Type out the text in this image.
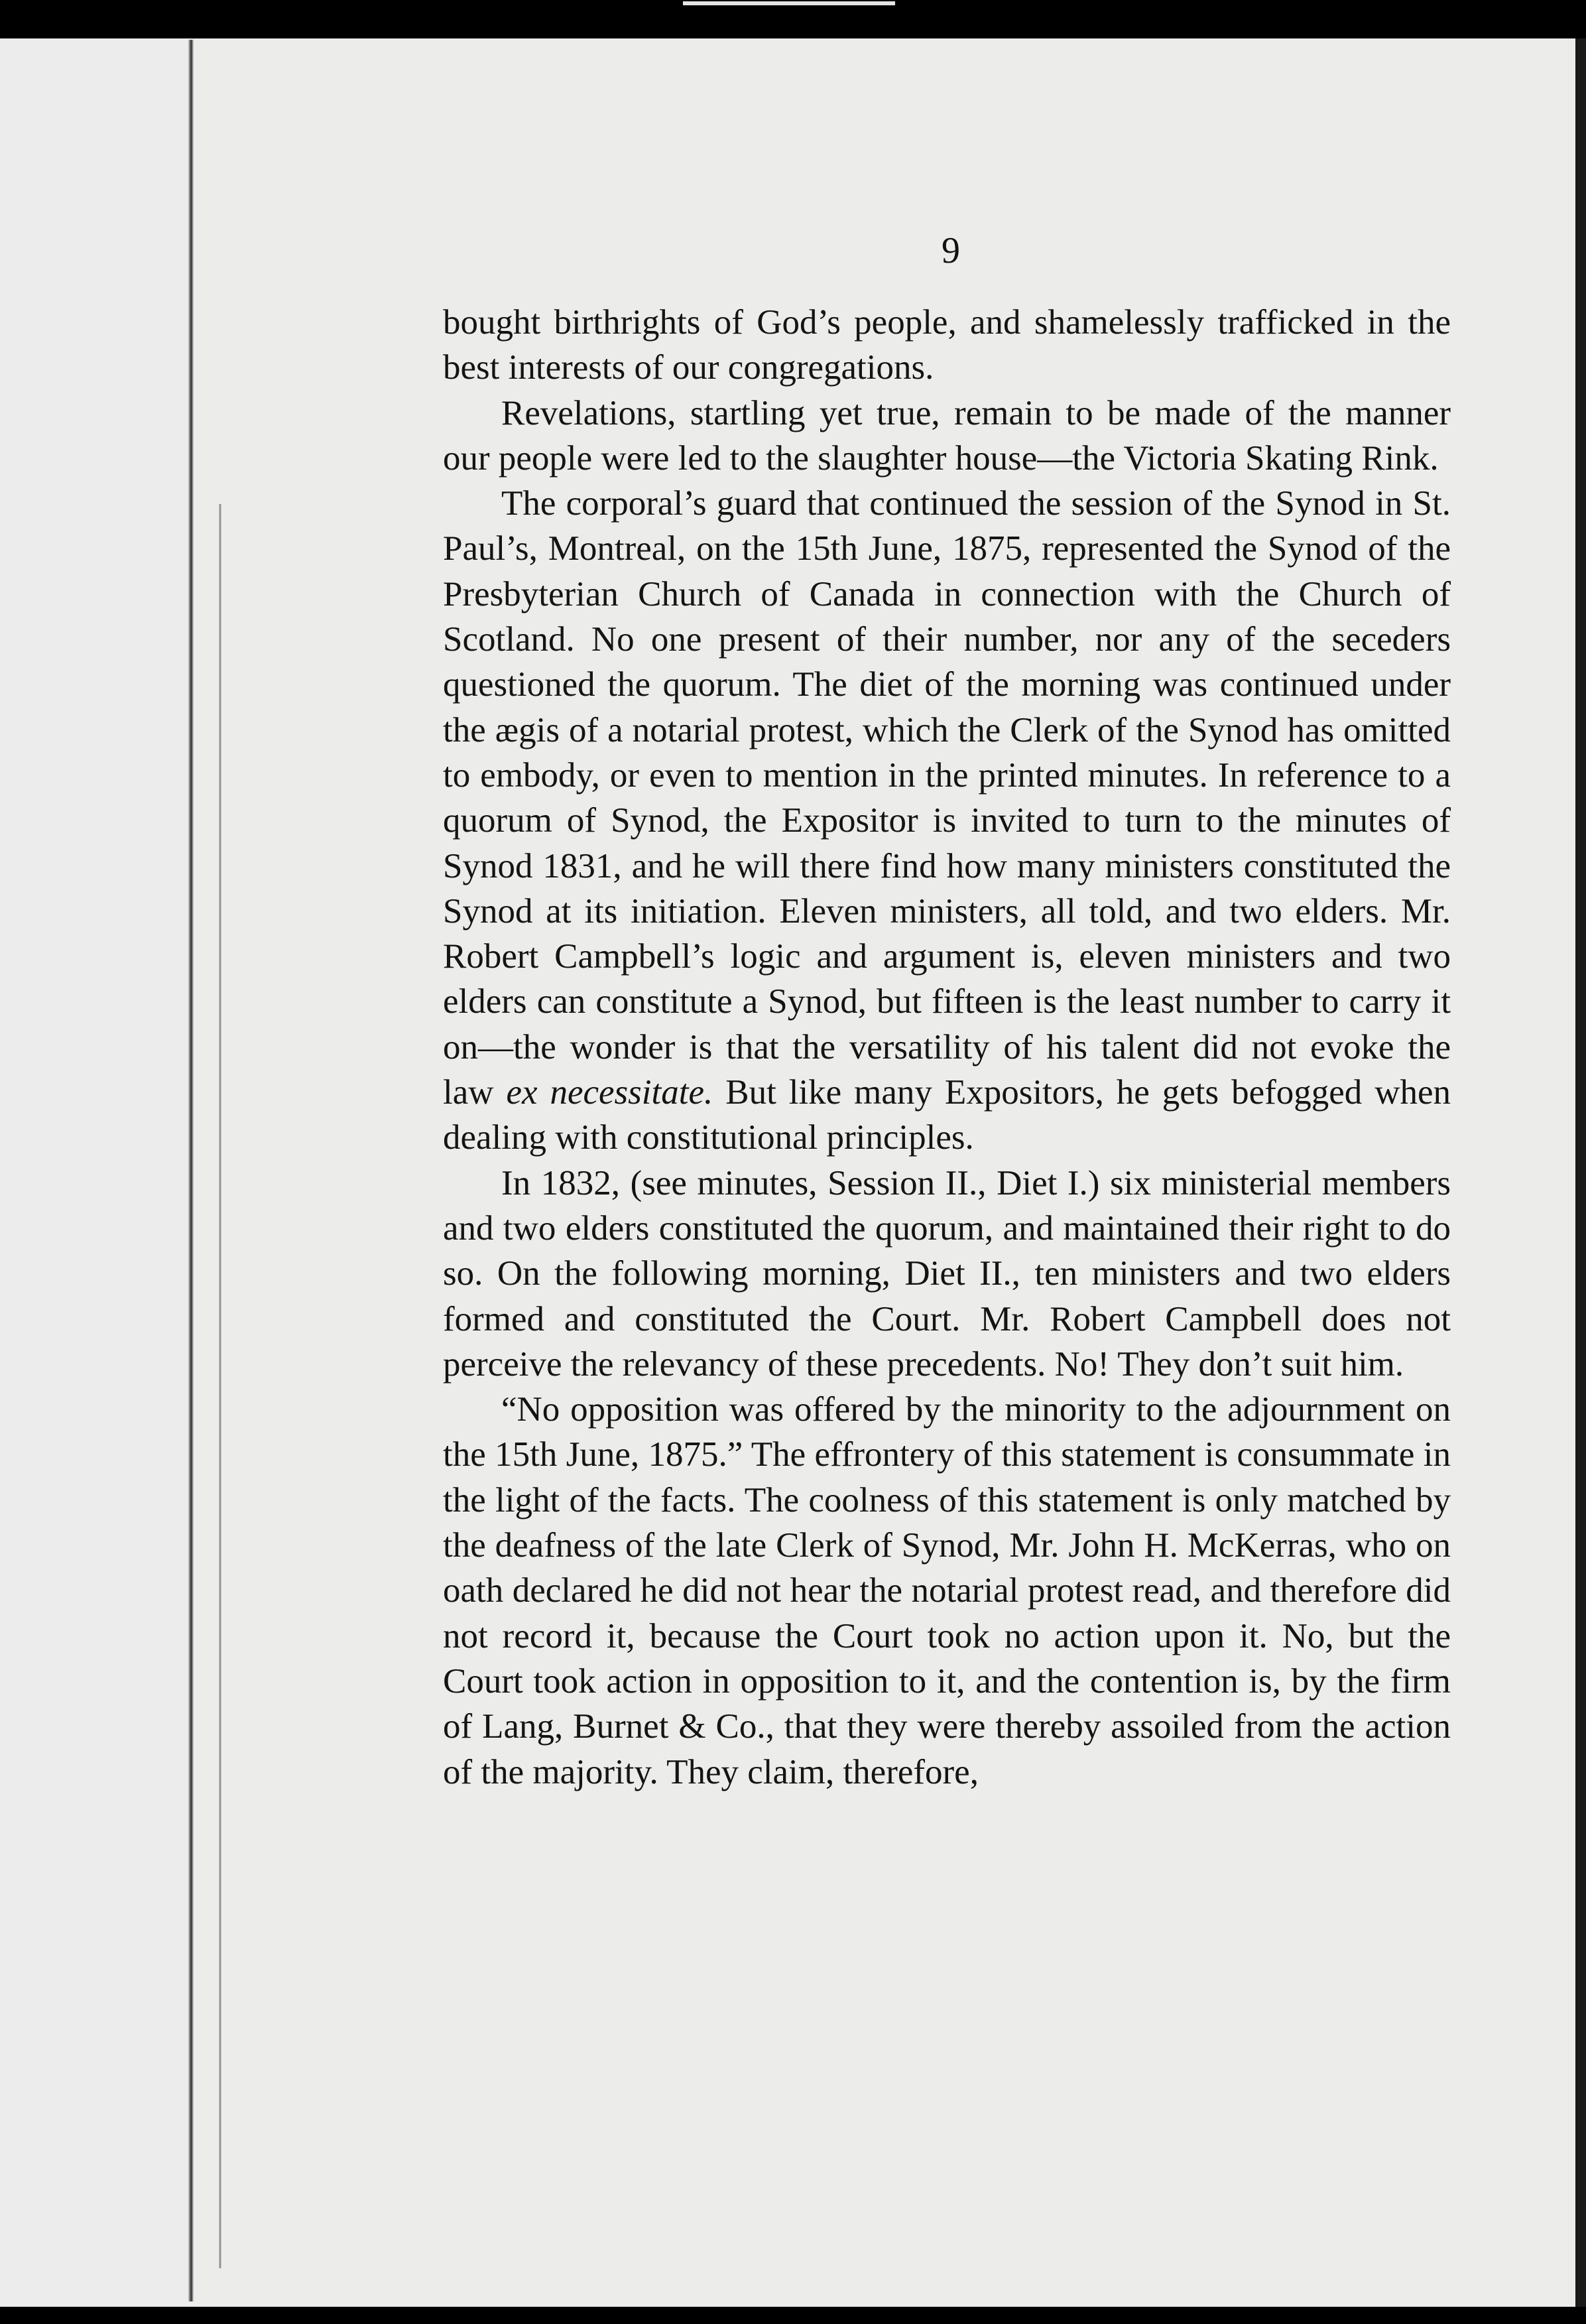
9

bought birthrights of God’s people, and shamelessly trafficked in the best interests of our congregations.

Revelations, startling yet true, remain to be made of the manner our people were led to the slaughter house—the Victoria Skating Rink.

The corporal’s guard that continued the session of the Synod in St. Paul’s, Montreal, on the 15th June, 1875, represented the Synod of the Presbyterian Church of Canada in connection with the Church of Scotland. No one present of their number, nor any of the seceders questioned the quorum. The diet of the morning was continued under the ægis of a notarial protest, which the Clerk of the Synod has omitted to embody, or even to mention in the printed minutes. In reference to a quorum of Synod, the Expositor is invited to turn to the minutes of Synod 1831, and he will there find how many ministers constituted the Synod at its initiation. Eleven ministers, all told, and two elders. Mr. Robert Campbell’s logic and argument is, eleven ministers and two elders can constitute a Synod, but fifteen is the least number to carry it on—the wonder is that the versatility of his talent did not evoke the law ex necessitate. But like many Expositors, he gets befogged when dealing with constitutional principles.

In 1832, (see minutes, Session II., Diet I.) six ministerial members and two elders constituted the quorum, and maintained their right to do so. On the following morning, Diet II., ten ministers and two elders formed and constituted the Court. Mr. Robert Campbell does not perceive the relevancy of these precedents. No! They don’t suit him.

“No opposition was offered by the minority to the adjournment on the 15th June, 1875.” The effrontery of this statement is consummate in the light of the facts. The coolness of this statement is only matched by the deafness of the late Clerk of Synod, Mr. John H. McKerras, who on oath declared he did not hear the notarial protest read, and therefore did not record it, because the Court took no action upon it. No, but the Court took action in opposition to it, and the contention is, by the firm of Lang, Burnet & Co., that they were thereby assoiled from the action of the majority. They claim, therefore,
